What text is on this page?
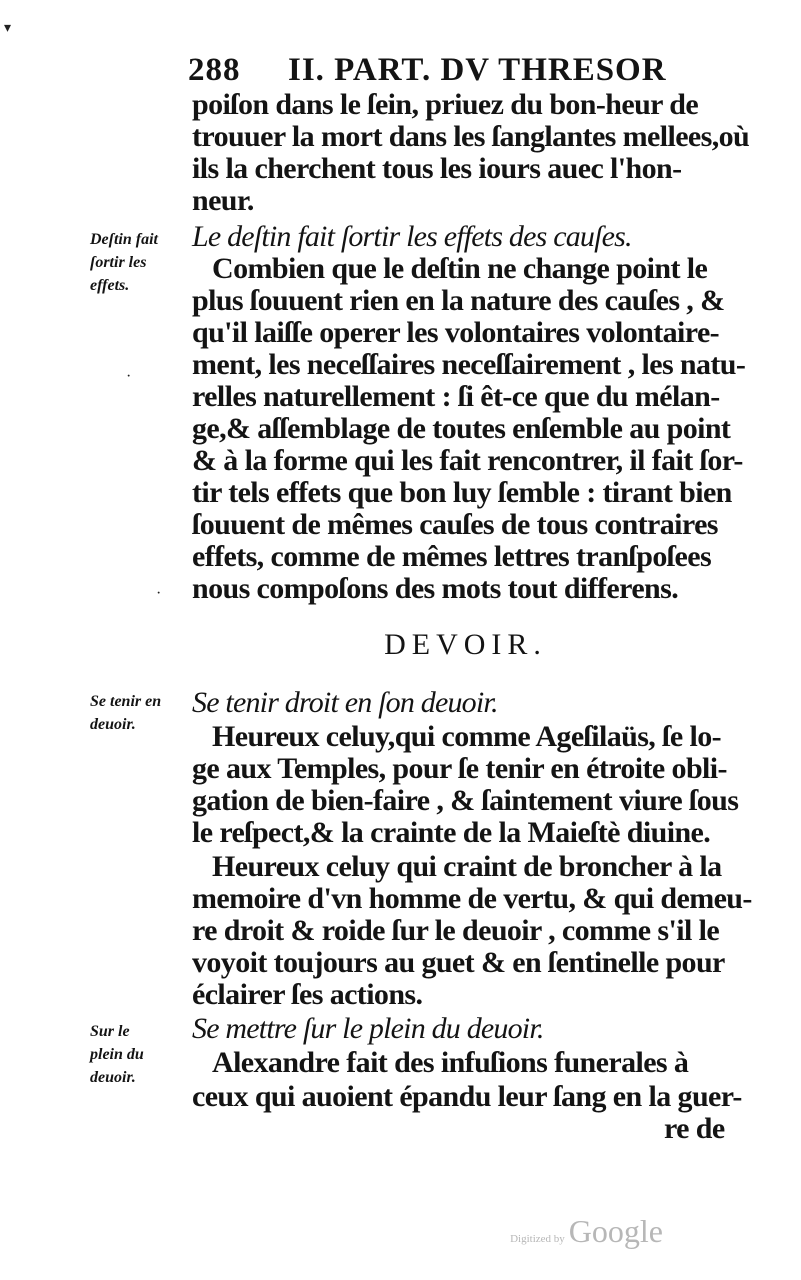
▾
·
·
288 II. PART. DV THRESOR
poiſon dans le ſein, priuez du bon-heur de
trouuer la mort dans les ſanglantes mellees,où
ils la cherchent tous les iours auec l'hon-
neur.
Deſtin fait
ſortir les
effets.
Le deſtin fait ſortir les effets des cauſes.
Combien que le deſtin ne change point le
plus ſouuent rien en la nature des cauſes , &
qu'il laiſſe operer les volontaires volontaire-
ment, les neceſſaires neceſſairement , les natu-
relles naturellement : ſi êt-ce que du mélan-
ge,& aſſemblage de toutes enſemble au point
& à la forme qui les fait rencontrer, il fait ſor-
tir tels effets que bon luy ſemble : tirant bien
ſouuent de mêmes cauſes de tous contraires
effets, comme de mêmes lettres tranſpoſees
nous compoſons des mots tout differens.
DEVOIR.
Se tenir en
deuoir.
Se tenir droit en ſon deuoir.
Heureux celuy,qui comme Ageſilaüs, ſe lo-
ge aux Temples, pour ſe tenir en étroite obli-
gation de bien-faire , & ſaintement viure ſous
le reſpect,& la crainte de la Maieſtè diuine.
Heureux celuy qui craint de broncher à la
memoire d'vn homme de vertu, & qui demeu-
re droit & roide ſur le deuoir , comme s'il le
voyoit toujours au guet & en ſentinelle pour
éclairer ſes actions.
Sur le
plein du
deuoir.
Se mettre ſur le plein du deuoir.
Alexandre fait des infuſions funerales à
ceux qui auoient épandu leur ſang en la guer-
re de
Digitized by Google
